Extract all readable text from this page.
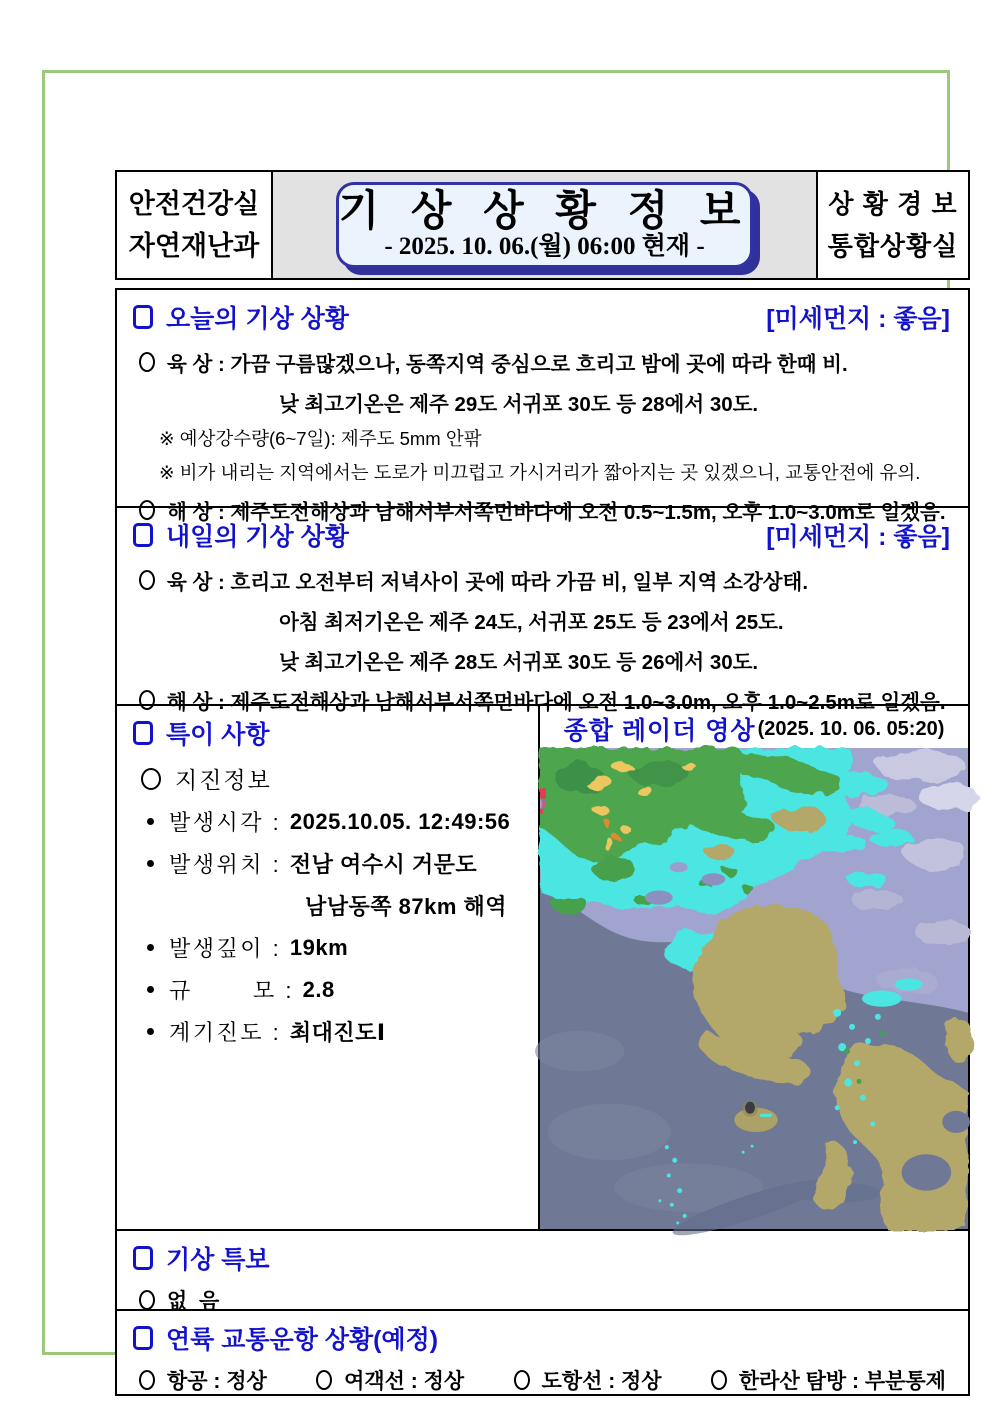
안전건강실
자연재난과
기 상 상 황 정 보
- 2025. 10. 06.(월) 06:00 현재 -
상 황 경 보
통합상황실
오늘의 기상 상황	[미세먼지 : 좋음]
육 상 : 가끔 구름많겠으나, 동쪽지역 중심으로 흐리고 밤에 곳에 따라 한때 비.
낮 최고기온은 제주 29도 서귀포 30도 등 28에서 30도.
※ 예상강수량(6~7일): 제주도 5mm 안팎
※ 비가 내리는 지역에서는 도로가 미끄럽고 가시거리가 짧아지는 곳 있겠으니, 교통안전에 유의.
해 상 : 제주도전해상과 남해서부서쪽먼바다에 오전 0.5~1.5m, 오후 1.0~3.0m로 일겠음.
내일의 기상 상황	[미세먼지 : 좋음]
육 상 : 흐리고 오전부터 저녁사이 곳에 따라 가끔 비, 일부 지역 소강상태.
아침 최저기온은 제주 24도, 서귀포 25도 등 23에서 25도.
낮 최고기온은 제주 28도 서귀포 30도 등 26에서 30도.
해 상 : 제주도전해상과 남해서부서쪽먼바다에 오전 1.0~3.0m, 오후 1.0~2.5m로 일겠음.
특이 사항
지진정보
발생시각 : 2025.10.05. 12:49:56
발생위치 : 전남 여수시 거문도
남남동쪽 87km 해역
발생깊이 : 19km
규       모 : 2.8
계기진도 : 최대진도Ⅰ
종합 레이더 영상 (2025. 10. 06. 05:20)
기상 특보
없  음
연륙 교통운항 상황(예정)
항공 : 정상	여객선 : 정상	도항선 : 정상	한라산 탐방 : 부분통제
